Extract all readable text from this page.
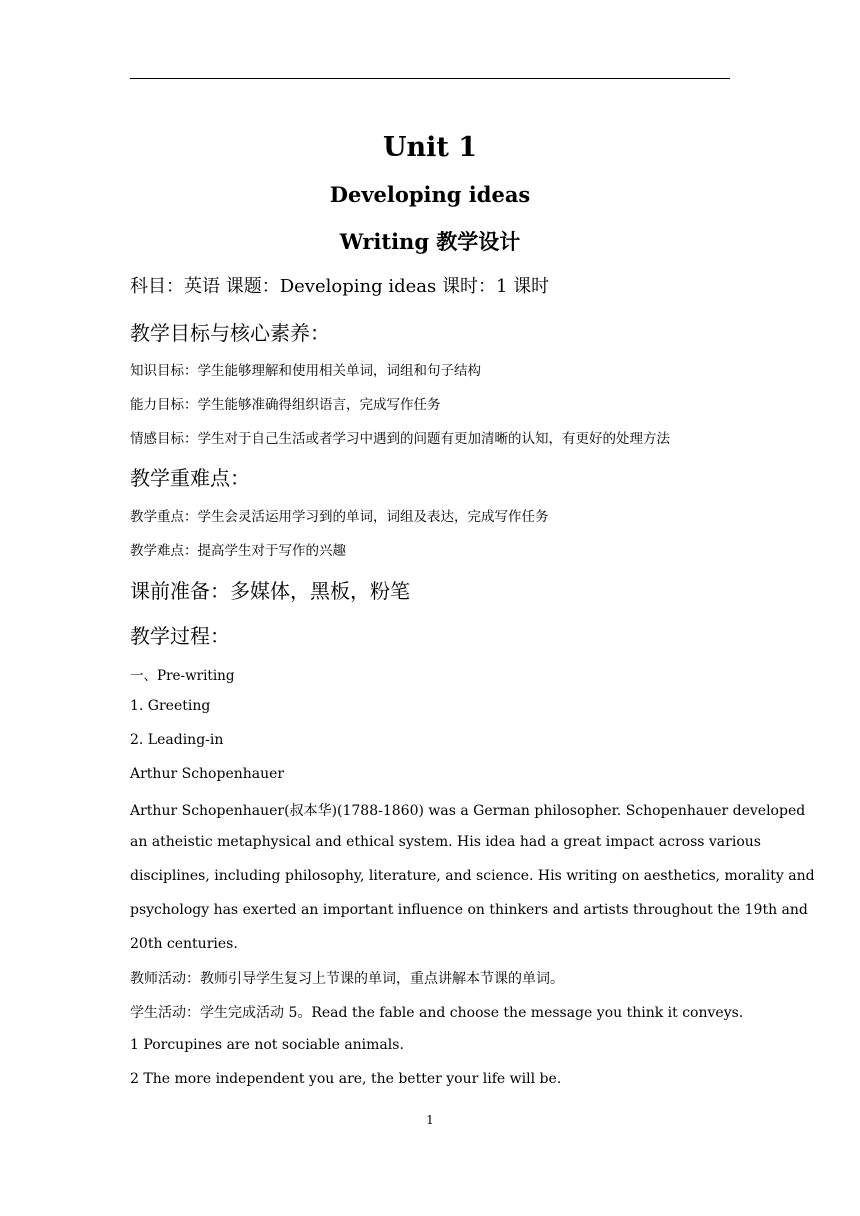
Unit 1
Developing ideas
Writing 教学设计
科目：英语 课题：Developing ideas 课时：1 课时
教学目标与核心素养：
知识目标：学生能够理解和使用相关单词，词组和句子结构
能力目标：学生能够准确得组织语言，完成写作任务
情感目标：学生对于自己生活或者学习中遇到的问题有更加清晰的认知，有更好的处理方法
教学重难点：
教学重点：学生会灵活运用学习到的单词，词组及表达，完成写作任务
教学难点：提高学生对于写作的兴趣
课前准备：多媒体，黑板，粉笔
教学过程：
一、Pre-writing
1. Greeting
2. Leading-in
Arthur Schopenhauer
Arthur Schopenhauer(叔本华)(1788-1860) was a German philosopher. Schopenhauer developed
an atheistic metaphysical and ethical system. His idea had a great impact across various
disciplines, including philosophy, literature, and science. His writing on aesthetics, morality and
psychology has exerted an important influence on thinkers and artists throughout the 19th and
20th centuries.
教师活动：教师引导学生复习上节课的单词，重点讲解本节课的单词。
学生活动：学生完成活动 5。Read the fable and choose the message you think it conveys.
1 Porcupines are not sociable animals.
2 The more independent you are, the better your life will be.
1
